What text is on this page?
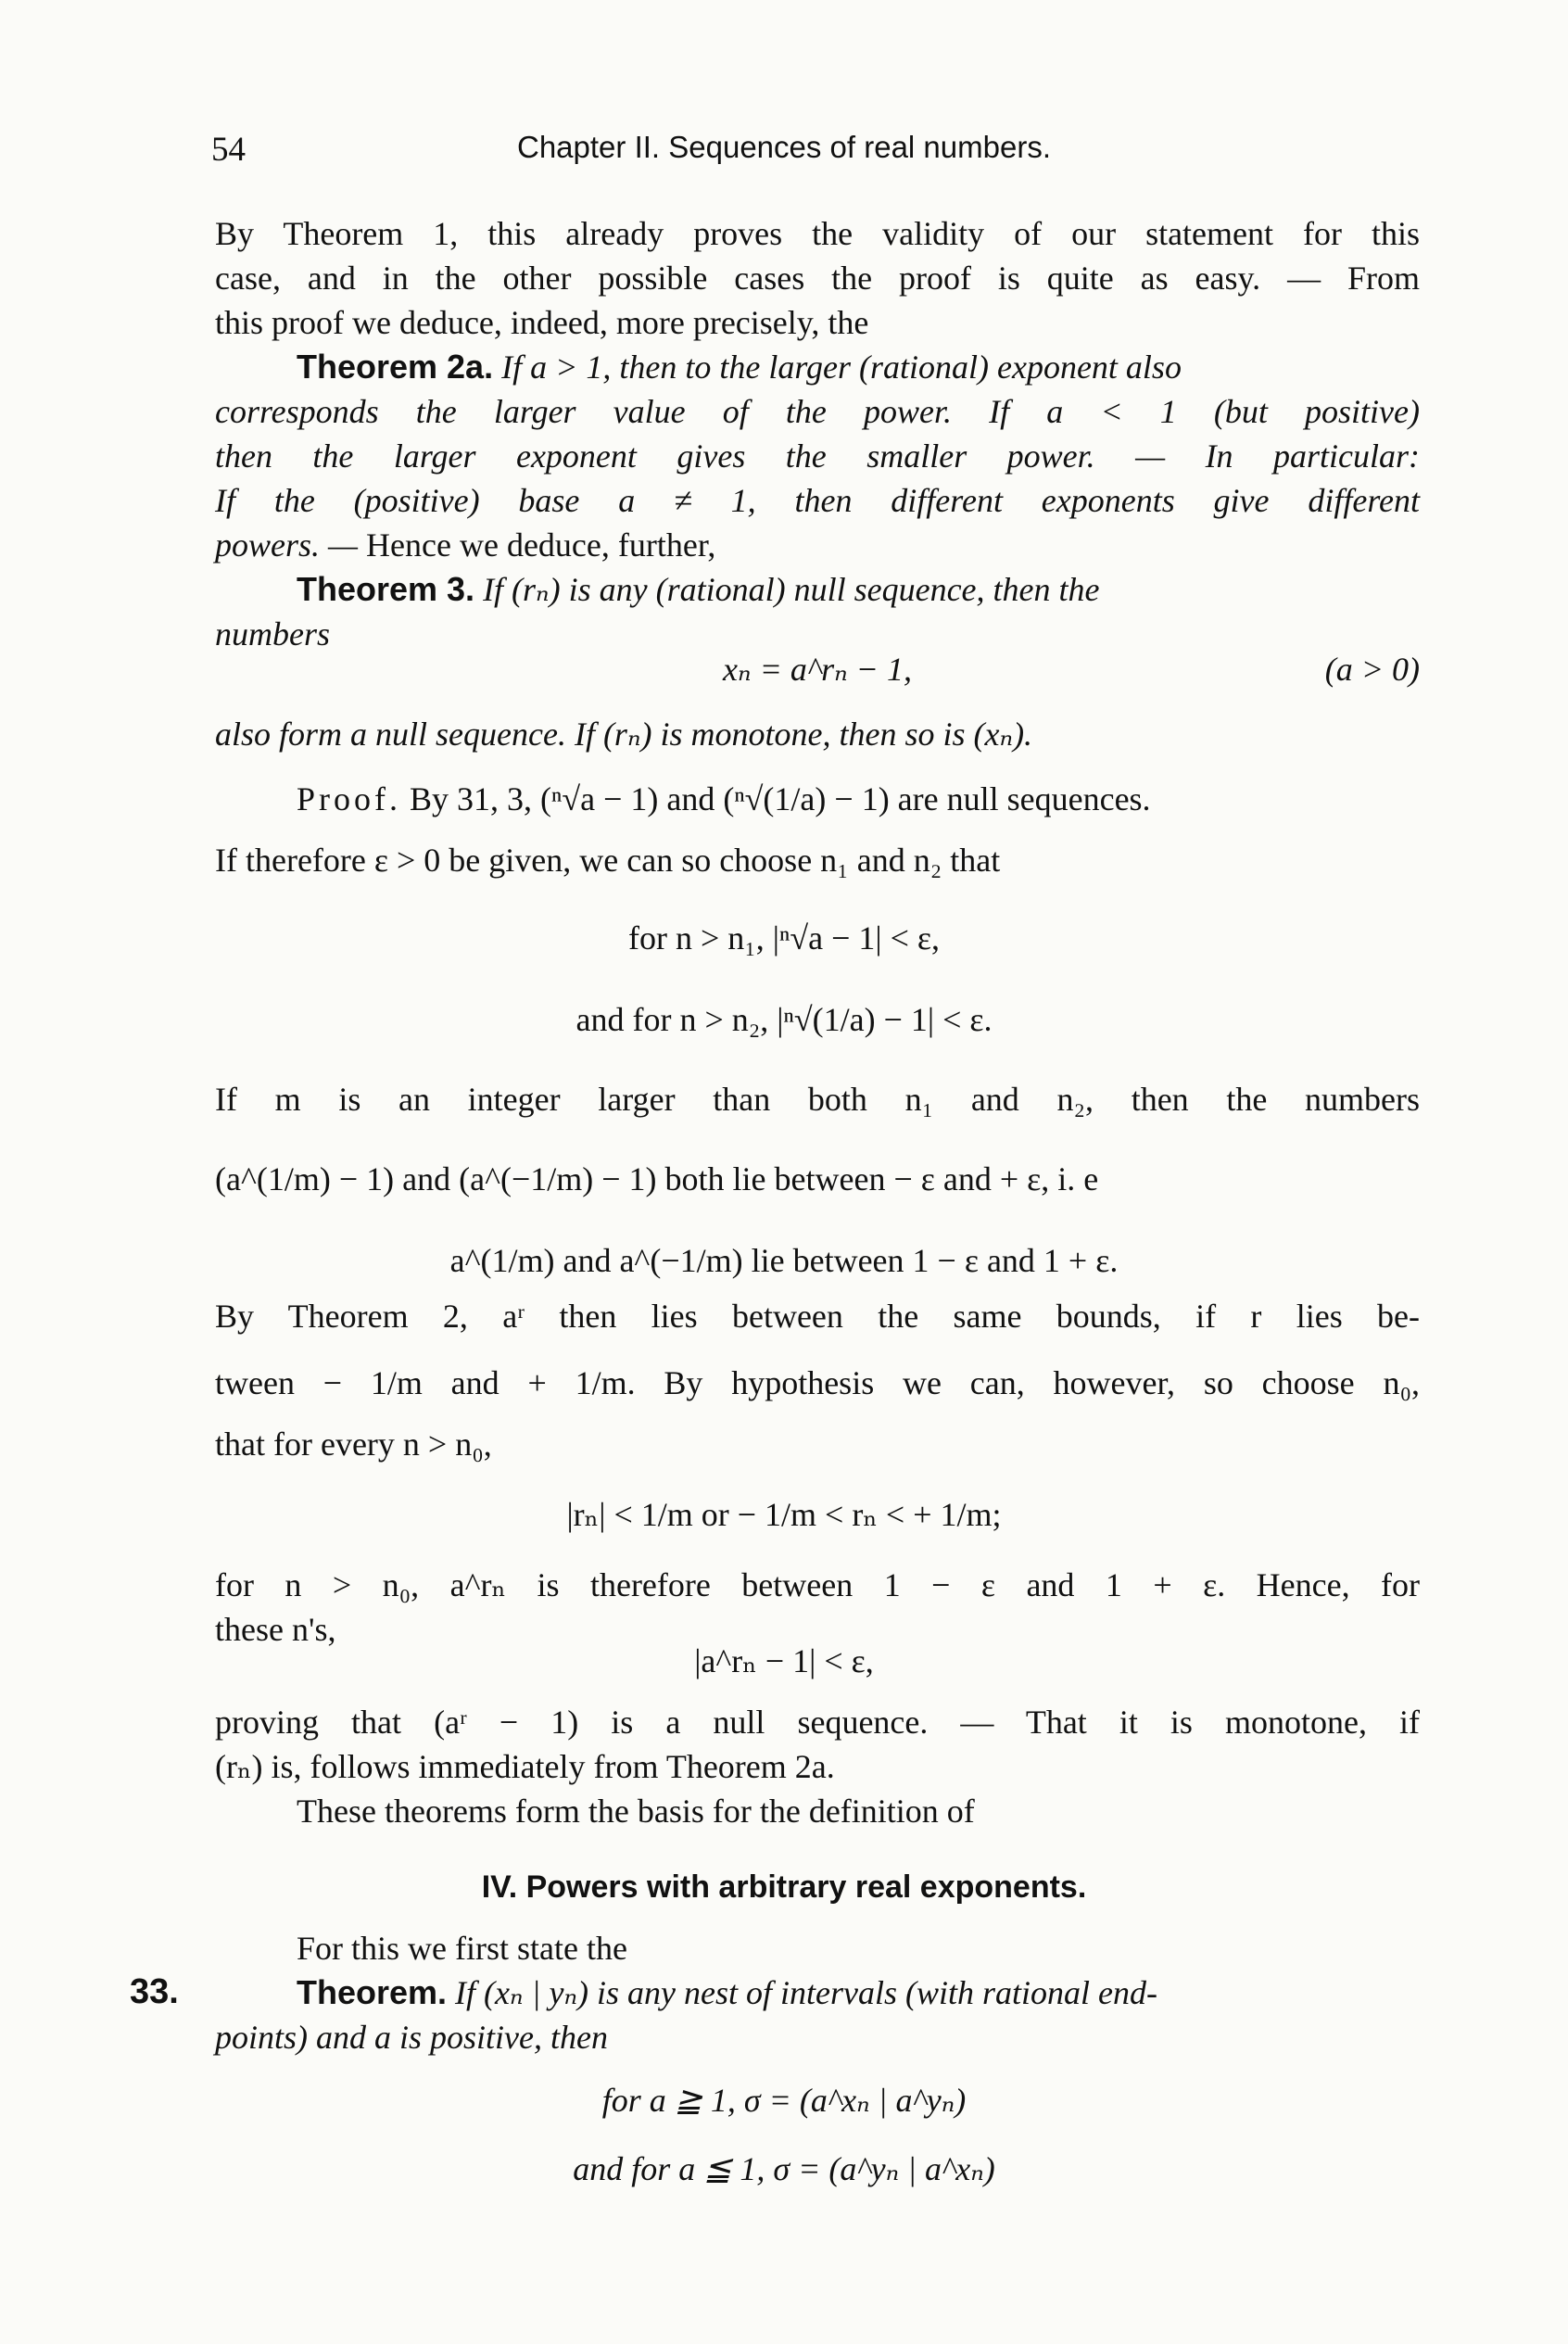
54	Chapter II. Sequences of real numbers.
By Theorem 1, this already proves the validity of our statement for this
case, and in the other possible cases the proof is quite as easy. — From
this proof we deduce, indeed, more precisely, the
Theorem 2a. If a > 1, then to the larger (rational) exponent also
corresponds the larger value of the power. If a < 1 (but positive)
then the larger exponent gives the smaller power. — In particular:
If the (positive) base a ≠ 1, then different exponents give different
powers. — Hence we deduce, further,
Theorem 3. If (rₙ) is any (rational) null sequence, then the
numbers
xₙ = a^rₙ − 1,	(a > 0)
also form a null sequence. If (rₙ) is monotone, then so is (xₙ).
Proof. By 31, 3, (ⁿ√a − 1) and (ⁿ√(1/a) − 1) are null sequences.
If therefore ε > 0 be given, we can so choose n₁ and n₂ that
for n > n₁, |ⁿ√a − 1| < ε,
and for n > n₂, |ⁿ√(1/a) − 1| < ε.
If m is an integer larger than both n₁ and n₂, then the numbers
(a^(1/m) − 1) and (a^(−1/m) − 1) both lie between − ε and + ε, i. e
a^(1/m) and a^(−1/m) lie between 1 − ε and 1 + ε.
By Theorem 2, aʳ then lies between the same bounds, if r lies be-
tween − 1/m and + 1/m. By hypothesis we can, however, so choose n₀,
that for every n > n₀,
|rₙ| < 1/m or − 1/m < rₙ < + 1/m;
for n > n₀, a^rₙ is therefore between 1 − ε and 1 + ε. Hence, for
these n's,
|a^rₙ − 1| < ε,
proving that (aʳ − 1) is a null sequence. — That it is monotone, if
(rₙ) is, follows immediately from Theorem 2a.
These theorems form the basis for the definition of
IV. Powers with arbitrary real exponents.
For this we first state the
33.	Theorem. If (xₙ | yₙ) is any nest of intervals (with rational end-
points) and a is positive, then
for a ≧ 1, σ = (a^xₙ | a^yₙ)
and for a ≦ 1, σ = (a^yₙ | a^xₙ)
